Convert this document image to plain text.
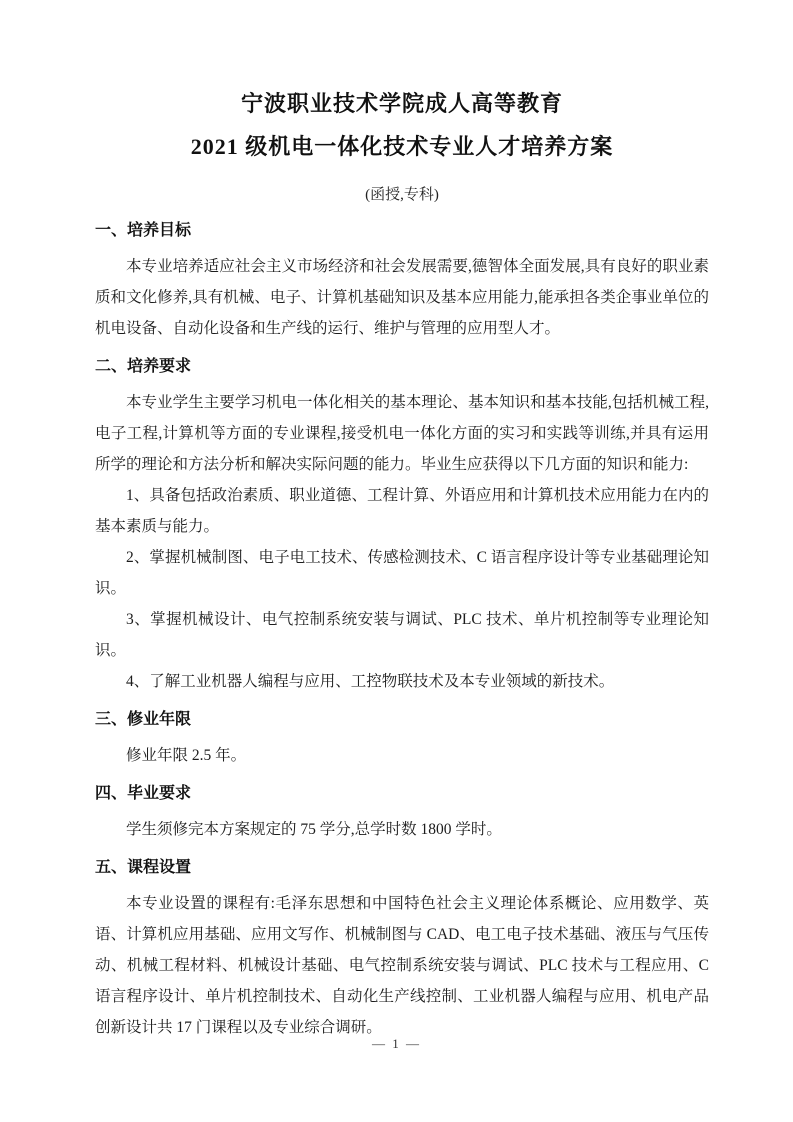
宁波职业技术学院成人高等教育
2021 级机电一体化技术专业人才培养方案

(函授,专科)

一、培养目标

本专业培养适应社会主义市场经济和社会发展需要,德智体全面发展,具有良好的职业素质和文化修养,具有机械、电子、计算机基础知识及基本应用能力,能承担各类企事业单位的机电设备、自动化设备和生产线的运行、维护与管理的应用型人才。

二、培养要求

本专业学生主要学习机电一体化相关的基本理论、基本知识和基本技能,包括机械工程,电子工程,计算机等方面的专业课程,接受机电一体化方面的实习和实践等训练,并具有运用所学的理论和方法分析和解决实际问题的能力。毕业生应获得以下几方面的知识和能力:

1、具备包括政治素质、职业道德、工程计算、外语应用和计算机技术应用能力在内的基本素质与能力。

2、掌握机械制图、电子电工技术、传感检测技术、C 语言程序设计等专业基础理论知识。

3、掌握机械设计、电气控制系统安装与调试、PLC 技术、单片机控制等专业理论知识。

4、了解工业机器人编程与应用、工控物联技术及本专业领域的新技术。

三、修业年限

修业年限 2.5 年。

四、毕业要求

学生须修完本方案规定的 75 学分,总学时数 1800 学时。

五、课程设置

本专业设置的课程有:毛泽东思想和中国特色社会主义理论体系概论、应用数学、英语、计算机应用基础、应用文写作、机械制图与 CAD、电工电子技术基础、液压与气压传动、机械工程材料、机械设计基础、电气控制系统安装与调试、PLC 技术与工程应用、C 语言程序设计、单片机控制技术、自动化生产线控制、工业机器人编程与应用、机电产品创新设计共 17 门课程以及专业综合调研。

— 1 —
